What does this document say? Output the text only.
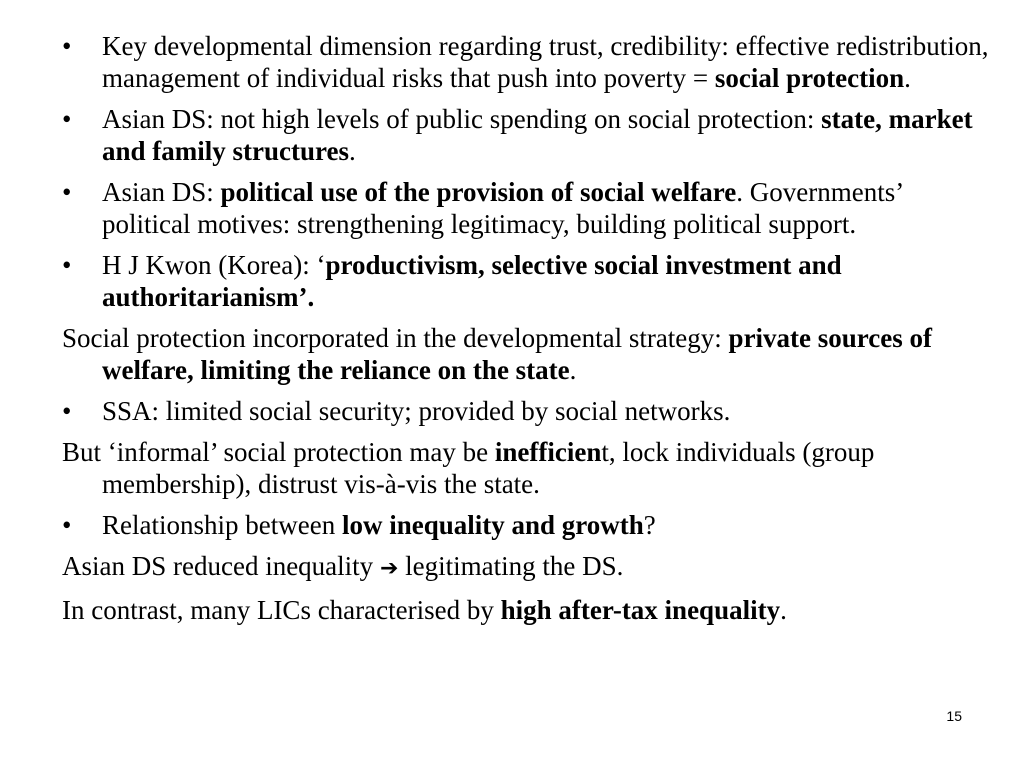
• Key developmental dimension regarding trust, credibility: effective redistribution, management of individual risks that push into poverty = social protection.

• Asian DS: not high levels of public spending on social protection: state, market and family structures.

• Asian DS: political use of the provision of social welfare. Governments’ political motives: strengthening legitimacy, building political support.

• H J Kwon (Korea): ‘productivism, selective social investment and authoritarianism’.

Social protection incorporated in the developmental strategy: private sources of welfare, limiting the reliance on the state.

• SSA: limited social security; provided by social networks.

But ‘informal’ social protection may be inefficient, lock individuals (group membership), distrust vis-à-vis the state.

• Relationship between low inequality and growth?

Asian DS reduced inequality ➔ legitimating the DS.

In contrast, many LICs characterised by high after-tax inequality.

15
